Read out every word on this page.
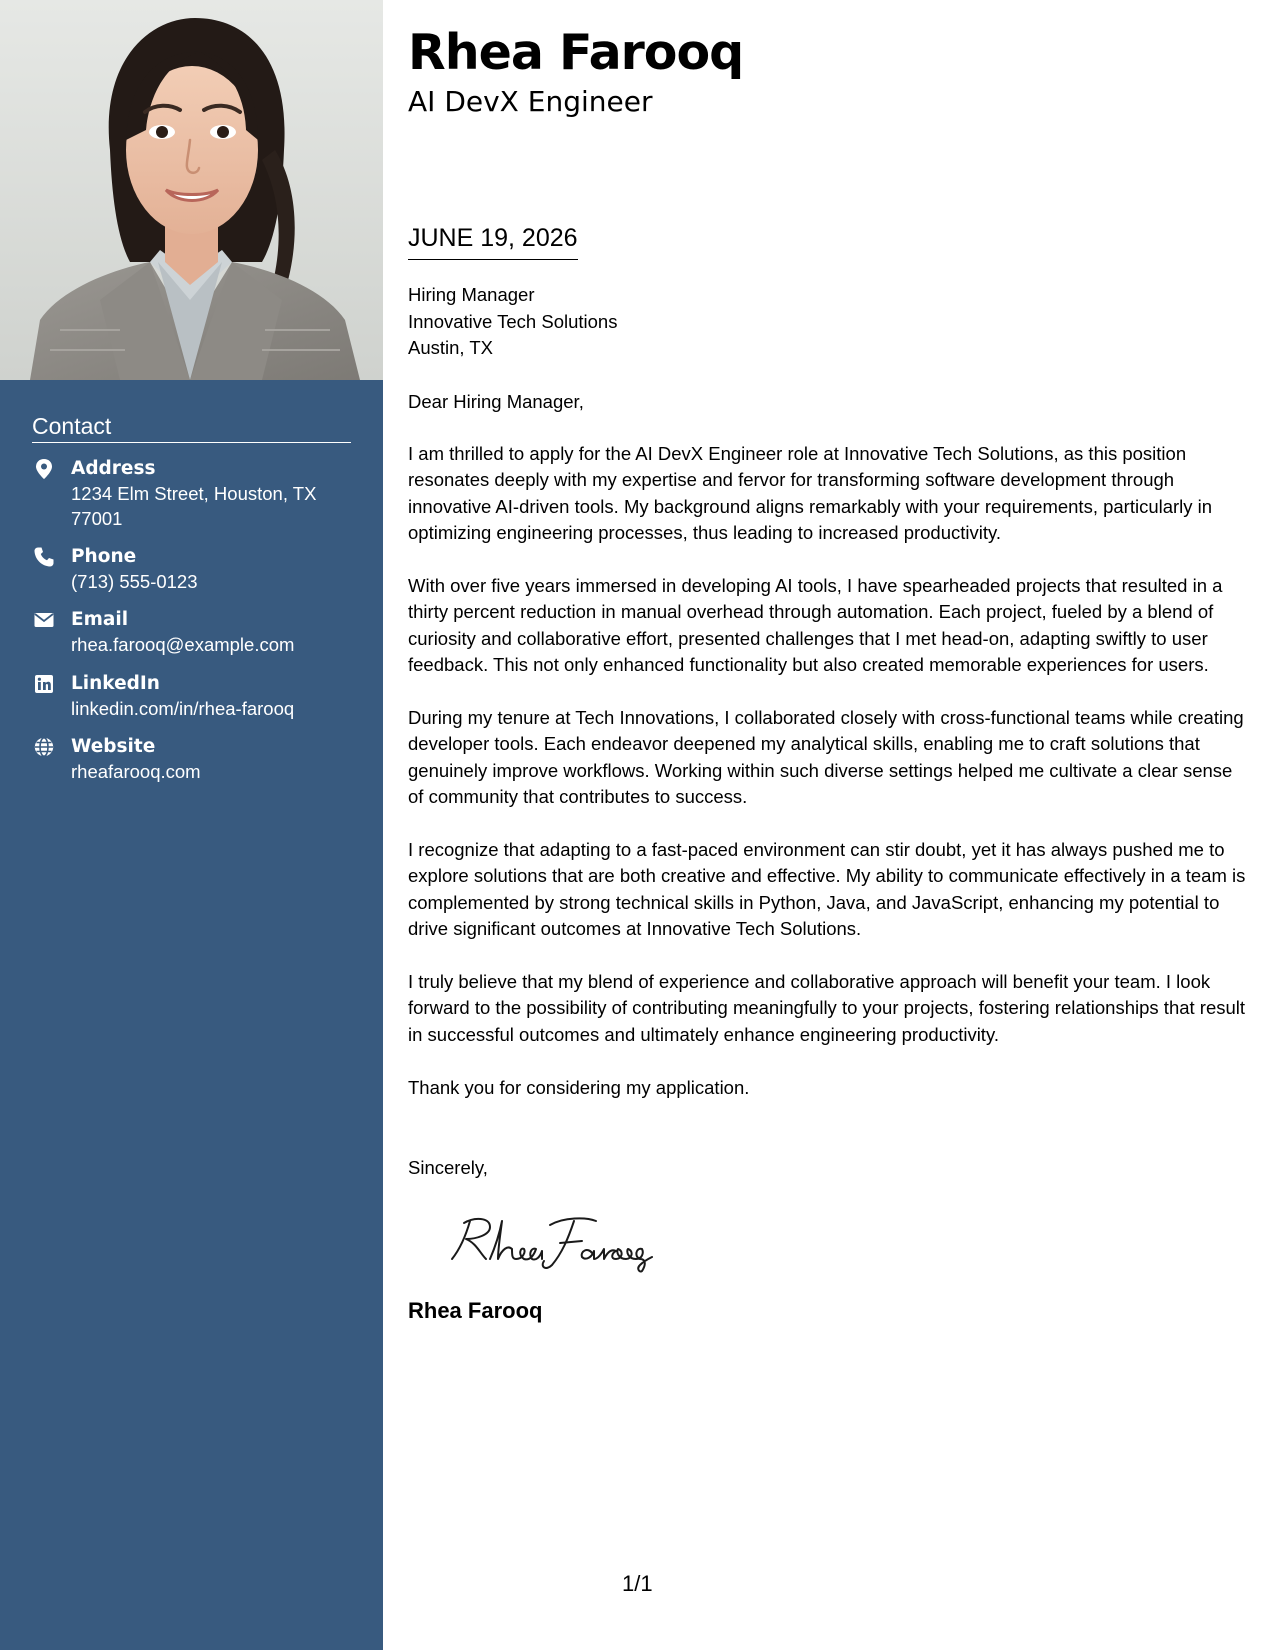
Contact
Address
1234 Elm Street, Houston, TX 77001
Phone
(713) 555-0123
Email
rhea.farooq@example.com
LinkedIn
linkedin.com/in/rhea-farooq
Website
rheafarooq.com
Rhea Farooq
AI DevX Engineer
JUNE 19, 2026
Hiring Manager
Innovative Tech Solutions
Austin, TX
Dear Hiring Manager,
I am thrilled to apply for the AI DevX Engineer role at Innovative Tech Solutions, as this position resonates deeply with my expertise and fervor for transforming software development through innovative AI-driven tools. My background aligns remarkably with your requirements, particularly in optimizing engineering processes, thus leading to increased productivity.
With over five years immersed in developing AI tools, I have spearheaded projects that resulted in a thirty percent reduction in manual overhead through automation. Each project, fueled by a blend of curiosity and collaborative effort, presented challenges that I met head-on, adapting swiftly to user feedback. This not only enhanced functionality but also created memorable experiences for users.
During my tenure at Tech Innovations, I collaborated closely with cross-functional teams while creating developer tools. Each endeavor deepened my analytical skills, enabling me to craft solutions that genuinely improve workflows. Working within such diverse settings helped me cultivate a clear sense of community that contributes to success.
I recognize that adapting to a fast-paced environment can stir doubt, yet it has always pushed me to explore solutions that are both creative and effective. My ability to communicate effectively in a team is complemented by strong technical skills in Python, Java, and JavaScript, enhancing my potential to drive significant outcomes at Innovative Tech Solutions.
I truly believe that my blend of experience and collaborative approach will benefit your team. I look forward to the possibility of contributing meaningfully to your projects, fostering relationships that result in successful outcomes and ultimately enhance engineering productivity.
Thank you for considering my application.
Sincerely,
Rhea Farooq
1/1
